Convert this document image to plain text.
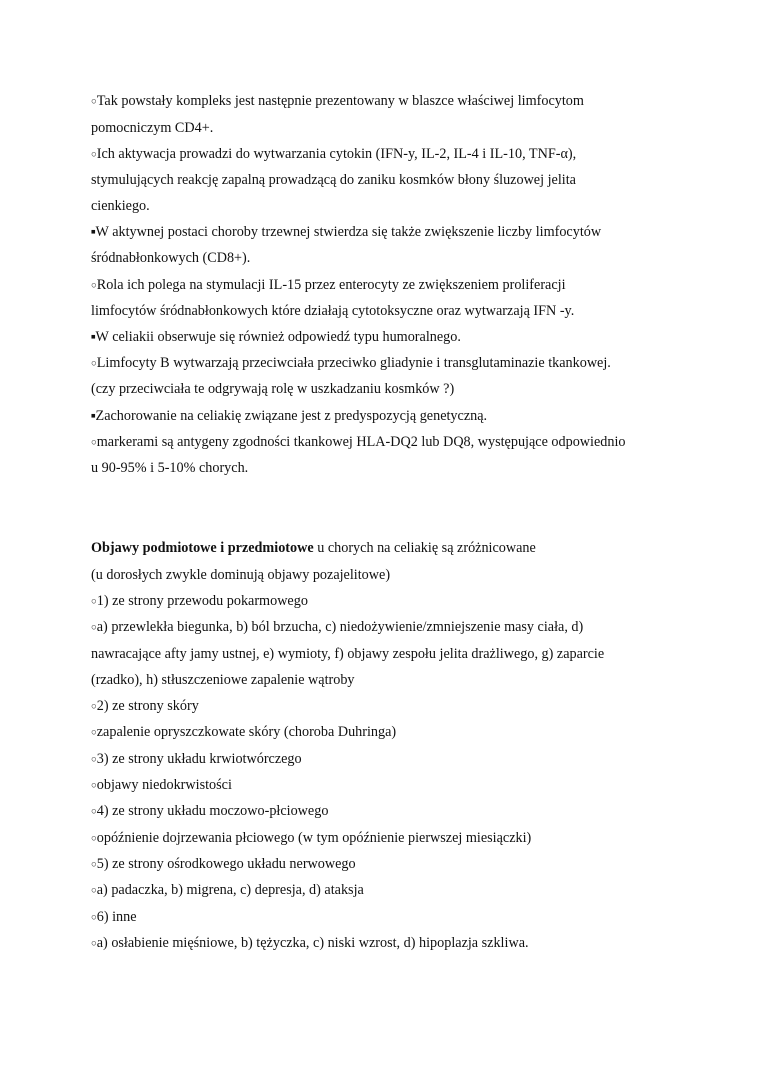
○Tak powstały kompleks jest następnie prezentowany w blaszce właściwej limfocytom
pomocniczym CD4+.
○Ich aktywacja prowadzi do wytwarzania cytokin (IFN-y, IL-2, IL-4 i IL-10, TNF-α),
stymulujących reakcję zapalną prowadzącą do zaniku kosmków błony śluzowej jelita
cienkiego.
■W aktywnej postaci choroby trzewnej stwierdza się także zwiększenie liczby limfocytów
śródnabłonkowych (CD8+).
○Rola ich polega na stymulacji IL-15 przez enterocyty ze zwiększeniem proliferacji
limfocytów śródnabłonkowych które działają cytotoksyczne oraz wytwarzają IFN -y.
■W celiakii obserwuje się również odpowiedź typu humoralnego.
○Limfocyty B wytwarzają przeciwciała przeciwko gliadynie i transglutaminazie tkankowej.
(czy przeciwciała te odgrywają rolę w uszkadzaniu kosmków ?)
■Zachorowanie na celiakię związane jest z predyspozycją genetyczną.
○markerami są antygeny zgodności tkankowej HLA-DQ2 lub DQ8, występujące odpowiednio
u 90-95% i 5-10% chorych.
Objawy podmiotowe i przedmiotowe u chorych na celiakię są zróżnicowane
(u dorosłych zwykle dominują objawy pozajelitowe)
○1) ze strony przewodu pokarmowego
○a) przewlekła biegunka, b) ból brzucha, c) niedożywienie/zmniejszenie masy ciała, d)
nawracające afty jamy ustnej, e) wymioty, f) objawy zespołu jelita drażliwego, g) zaparcie
(rzadko), h) stłuszczeniowe zapalenie wątroby
○2) ze strony skóry
○zapalenie opryszczkowate skóry (choroba Duhringa)
○3) ze strony układu krwiotwórczego
○objawy niedokrwistości
○4) ze strony układu moczowo-płciowego
○opóźnienie dojrzewania płciowego (w tym opóźnienie pierwszej miesiączki)
○5) ze strony ośrodkowego układu nerwowego
○a) padaczka, b) migrena, c) depresja, d) ataksja
○6) inne
○a) osłabienie mięśniowe, b) tężyczka, c) niski wzrost, d) hipoplazja szkliwa.
